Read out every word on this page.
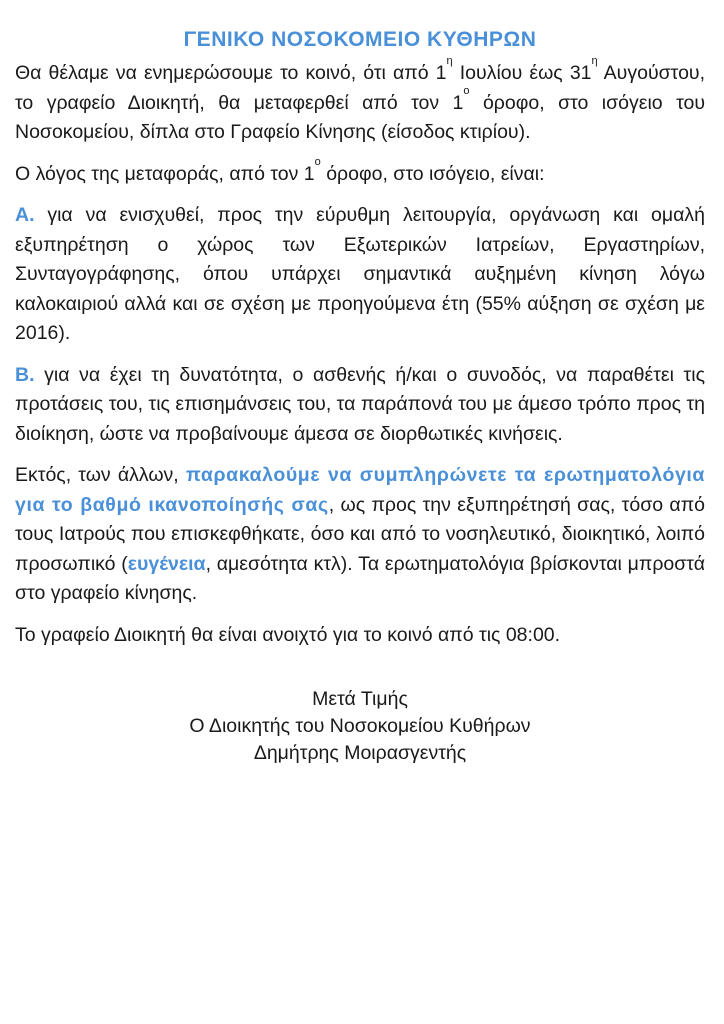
ΓΕΝΙΚΟ ΝΟΣΟΚΟΜΕΙΟ ΚΥΘΗΡΩΝ

Θα θέλαμε να ενημερώσουμε το κοινό, ότι από $1^\eta$ Ιουλίου έως $31^\eta$ Αυγούστου, το γραφείο Διοικητή, θα μεταφερθεί από τον $1^o$ όροφο, στο ισόγειο του Νοσοκομείου, δίπλα στο Γραφείο Κίνησης (είσοδος κτιρίου).

Ο λόγος της μεταφοράς, από τον $1^o$ όροφο, στο ισόγειο, είναι:

Α. για να ενισχυθεί, προς την εύρυθμη λειτουργία, οργάνωση και ομαλή εξυπηρέτηση ο χώρος των Εξωτερικών Ιατρείων, Εργαστηρίων, Συνταγογράφησης, όπου υπάρχει σημαντικά αυξημένη κίνηση λόγω καλοκαιριού αλλά και σε σχέση με προηγούμενα έτη (55% αύξηση σε σχέση με 2016).

Β. για να έχει τη δυνατότητα, ο ασθενής ή/και ο συνοδός, να παραθέτει τις προτάσεις του, τις επισημάνσεις του, τα παράπονά του με άμεσο τρόπο προς τη διοίκηση, ώστε να προβαίνουμε άμεσα σε διορθωτικές κινήσεις.

Εκτός, των άλλων, παρακαλούμε να συμπληρώνετε τα ερωτηματολόγια για το βαθμό ικανοποίησής σας, ως προς την εξυπηρέτησή σας, τόσο από τους Ιατρούς που επισκεφθήκατε, όσο και από το νοσηλευτικό, διοικητικό, λοιπό προσωπικό (ευγένεια, αμεσότητα κτλ). Τα ερωτηματολόγια βρίσκονται μπροστά στο γραφείο κίνησης.

Το γραφείο Διοικητή θα είναι ανοιχτό για το κοινό από τις 08:00.

Μετά Τιμής
Ο Διοικητής του Νοσοκομείου Κυθήρων
Δημήτρης Μοιρασγεντής
